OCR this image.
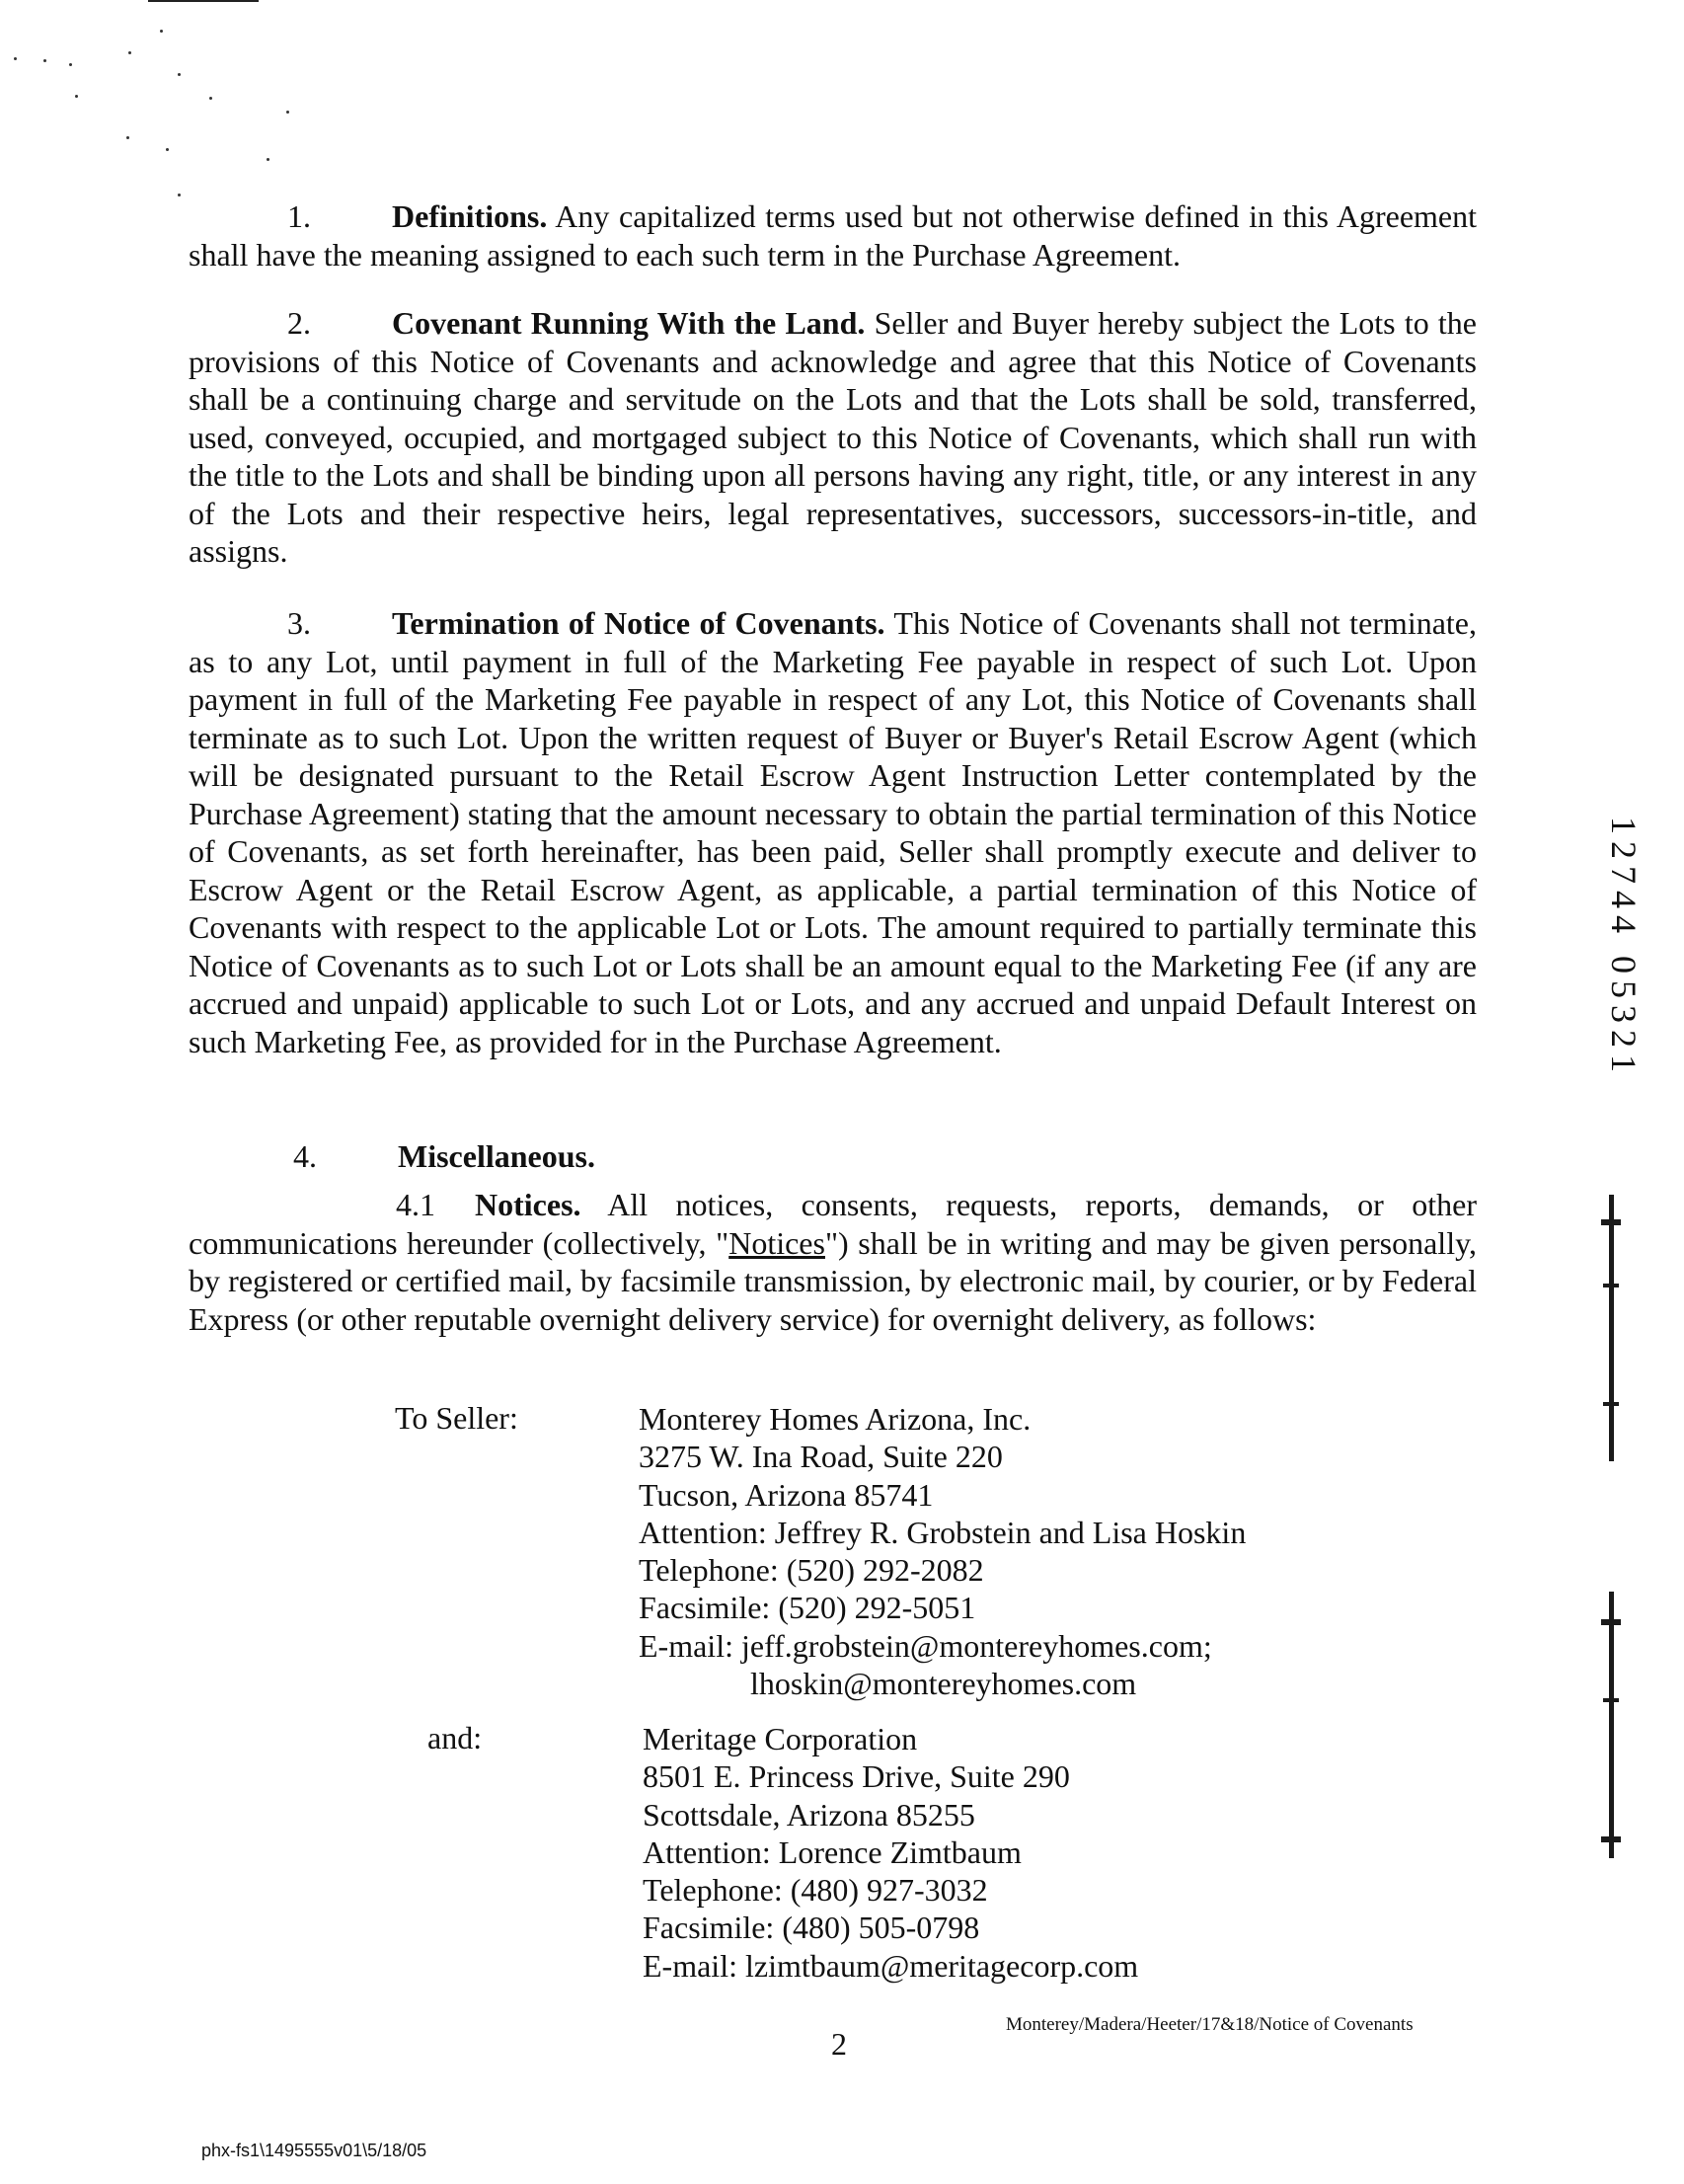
1.	Definitions. Any capitalized terms used but not otherwise defined in this Agreement shall have the meaning assigned to each such term in the Purchase Agreement.

2.	Covenant Running With the Land. Seller and Buyer hereby subject the Lots to the provisions of this Notice of Covenants and acknowledge and agree that this Notice of Covenants shall be a continuing charge and servitude on the Lots and that the Lots shall be sold, transferred, used, conveyed, occupied, and mortgaged subject to this Notice of Covenants, which shall run with the title to the Lots and shall be binding upon all persons having any right, title, or any interest in any of the Lots and their respective heirs, legal representatives, successors, successors-in-title, and assigns.

3.	Termination of Notice of Covenants. This Notice of Covenants shall not terminate, as to any Lot, until payment in full of the Marketing Fee payable in respect of such Lot. Upon payment in full of the Marketing Fee payable in respect of any Lot, this Notice of Covenants shall terminate as to such Lot. Upon the written request of Buyer or Buyer's Retail Escrow Agent (which will be designated pursuant to the Retail Escrow Agent Instruction Letter contemplated by the Purchase Agreement) stating that the amount necessary to obtain the partial termination of this Notice of Covenants, as set forth hereinafter, has been paid, Seller shall promptly execute and deliver to Escrow Agent or the Retail Escrow Agent, as applicable, a partial termination of this Notice of Covenants with respect to the applicable Lot or Lots. The amount required to partially terminate this Notice of Covenants as to such Lot or Lots shall be an amount equal to the Marketing Fee (if any are accrued and unpaid) applicable to such Lot or Lots, and any accrued and unpaid Default Interest on such Marketing Fee, as provided for in the Purchase Agreement.

4.	Miscellaneous.

4.1 Notices. All notices, consents, requests, reports, demands, or other communications hereunder (collectively, "Notices") shall be in writing and may be given personally, by registered or certified mail, by facsimile transmission, by electronic mail, by courier, or by Federal Express (or other reputable overnight delivery service) for overnight delivery, as follows:

To Seller:	Monterey Homes Arizona, Inc.
3275 W. Ina Road, Suite 220
Tucson, Arizona 85741
Attention: Jeffrey R. Grobstein and Lisa Hoskin
Telephone: (520) 292-2082
Facsimile: (520) 292-5051
E-mail: jeff.grobstein@montereyhomes.com;
lhoskin@montereyhomes.com
and:	Meritage Corporation
8501 E. Princess Drive, Suite 290
Scottsdale, Arizona 85255
Attention: Lorence Zimtbaum
Telephone: (480) 927-3032
Facsimile: (480) 505-0798
E-mail: lzimtbaum@meritagecorp.com
2
Monterey/Madera/Heeter/17&18/Notice of Covenants
phx-fs1\1495555v01\5/18/05
12744 05321
